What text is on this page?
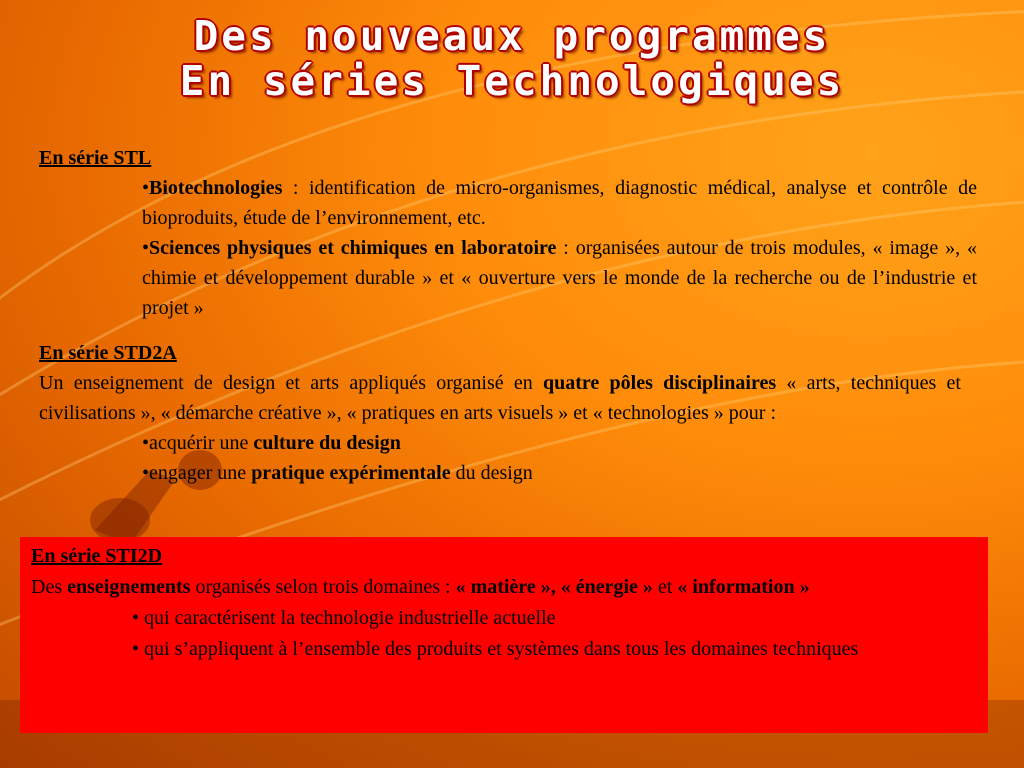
Des nouveaux programmes
En séries Technologiques
En série STL
•Biotechnologies : identification de micro-organismes, diagnostic médical, analyse et contrôle de bioproduits, étude de l’environnement, etc.
•Sciences physiques et chimiques en laboratoire : organisées autour de trois modules, « image », « chimie et développement durable » et « ouverture vers le monde de la recherche ou de l’industrie et projet »
En série STD2A
Un enseignement de design et arts appliqués organisé en quatre pôles disciplinaires « arts, techniques et civilisations », « démarche créative », « pratiques en arts visuels » et « technologies » pour :
•acquérir une culture du design
•engager une pratique expérimentale du design
En série STI2D
Des enseignements organisés selon trois domaines : « matière », « énergie » et « information »
• qui caractérisent la technologie industrielle actuelle
• qui s’appliquent à l’ensemble des produits et systèmes dans tous les domaines techniques
